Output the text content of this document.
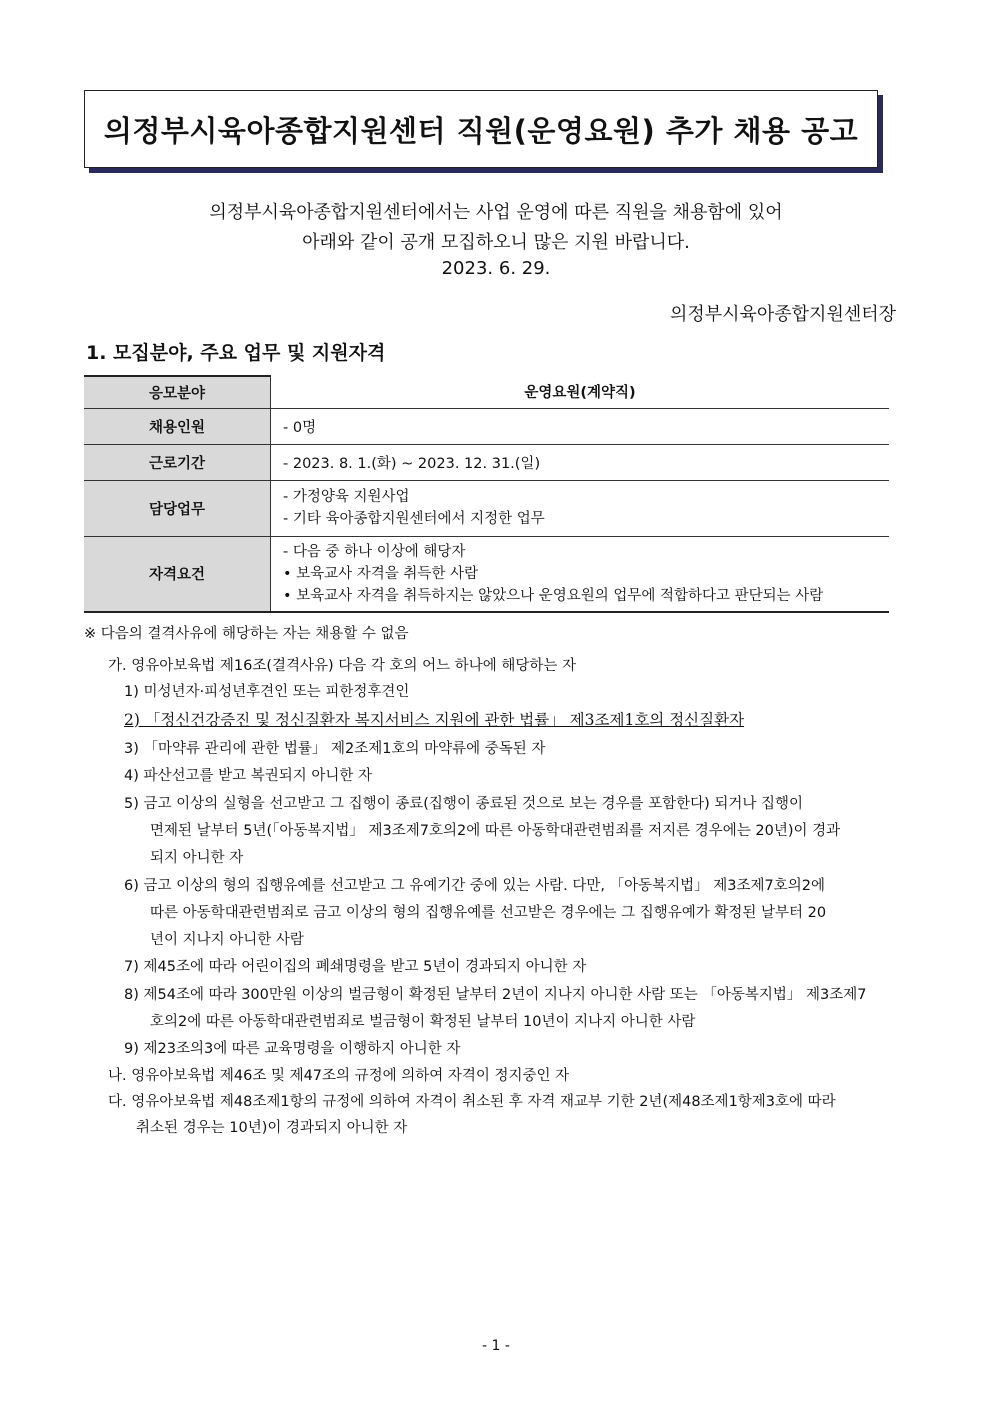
의정부시육아종합지원센터 직원(운영요원) 추가 채용 공고
의정부시육아종합지원센터에서는 사업 운영에 따른 직원을 채용함에 있어
아래와 같이 공개 모집하오니 많은 지원 바랍니다.
2023. 6. 29.
의정부시육아종합지원센터장
1. 모집분야, 주요 업무 및 지원자격
응모분야	운영요원(계약직)
채용인원	- 0명
근로기간	- 2023. 8. 1.(화) ~ 2023. 12. 31.(일)
담당업무	- 가정양육 지원사업
- 기타 육아종합지원센터에서 지정한 업무

자격요건	- 다음 중 하나 이상에 해당자
• 보육교사 자격을 취득한 사람
• 보육교사 자격을 취득하지는 않았으나 운영요원의 업무에 적합하다고 판단되는 사람
※ 다음의 결격사유에 해당하는 자는 채용할 수 없음
가. 영유아보육법 제16조(결격사유) 다음 각 호의 어느 하나에 해당하는 자
1) 미성년자·피성년후견인 또는 피한정후견인
2) 「정신건강증진 및 정신질환자 복지서비스 지원에 관한 법률」 제3조제1호의 정신질환자
3) 「마약류 관리에 관한 법률」 제2조제1호의 마약류에 중독된 자
4) 파산선고를 받고 복권되지 아니한 자
5) 금고 이상의 실형을 선고받고 그 집행이 종료(집행이 종료된 것으로 보는 경우를 포함한다) 되거나 집행이
면제된 날부터 5년(「아동복지법」 제3조제7호의2에 따른 아동학대관련범죄를 저지른 경우에는 20년)이 경과
되지 아니한 자
6) 금고 이상의 형의 집행유예를 선고받고 그 유예기간 중에 있는 사람. 다만, 「아동복지법」 제3조제7호의2에
따른 아동학대관련범죄로 금고 이상의 형의 집행유예를 선고받은 경우에는 그 집행유예가 확정된 날부터 20
년이 지나지 아니한 사람
7) 제45조에 따라 어린이집의 폐쇄명령을 받고 5년이 경과되지 아니한 자
8) 제54조에 따라 300만원 이상의 벌금형이 확정된 날부터 2년이 지나지 아니한 사람 또는 「아동복지법」 제3조제7
호의2에 따른 아동학대관련범죄로 벌금형이 확정된 날부터 10년이 지나지 아니한 사람
9) 제23조의3에 따른 교육명령을 이행하지 아니한 자
나. 영유아보육법 제46조 및 제47조의 규정에 의하여 자격이 정지중인 자
다. 영유아보육법 제48조제1항의 규정에 의하여 자격이 취소된 후 자격 재교부 기한 2년(제48조제1항제3호에 따라
취소된 경우는 10년)이 경과되지 아니한 자
- 1 -
